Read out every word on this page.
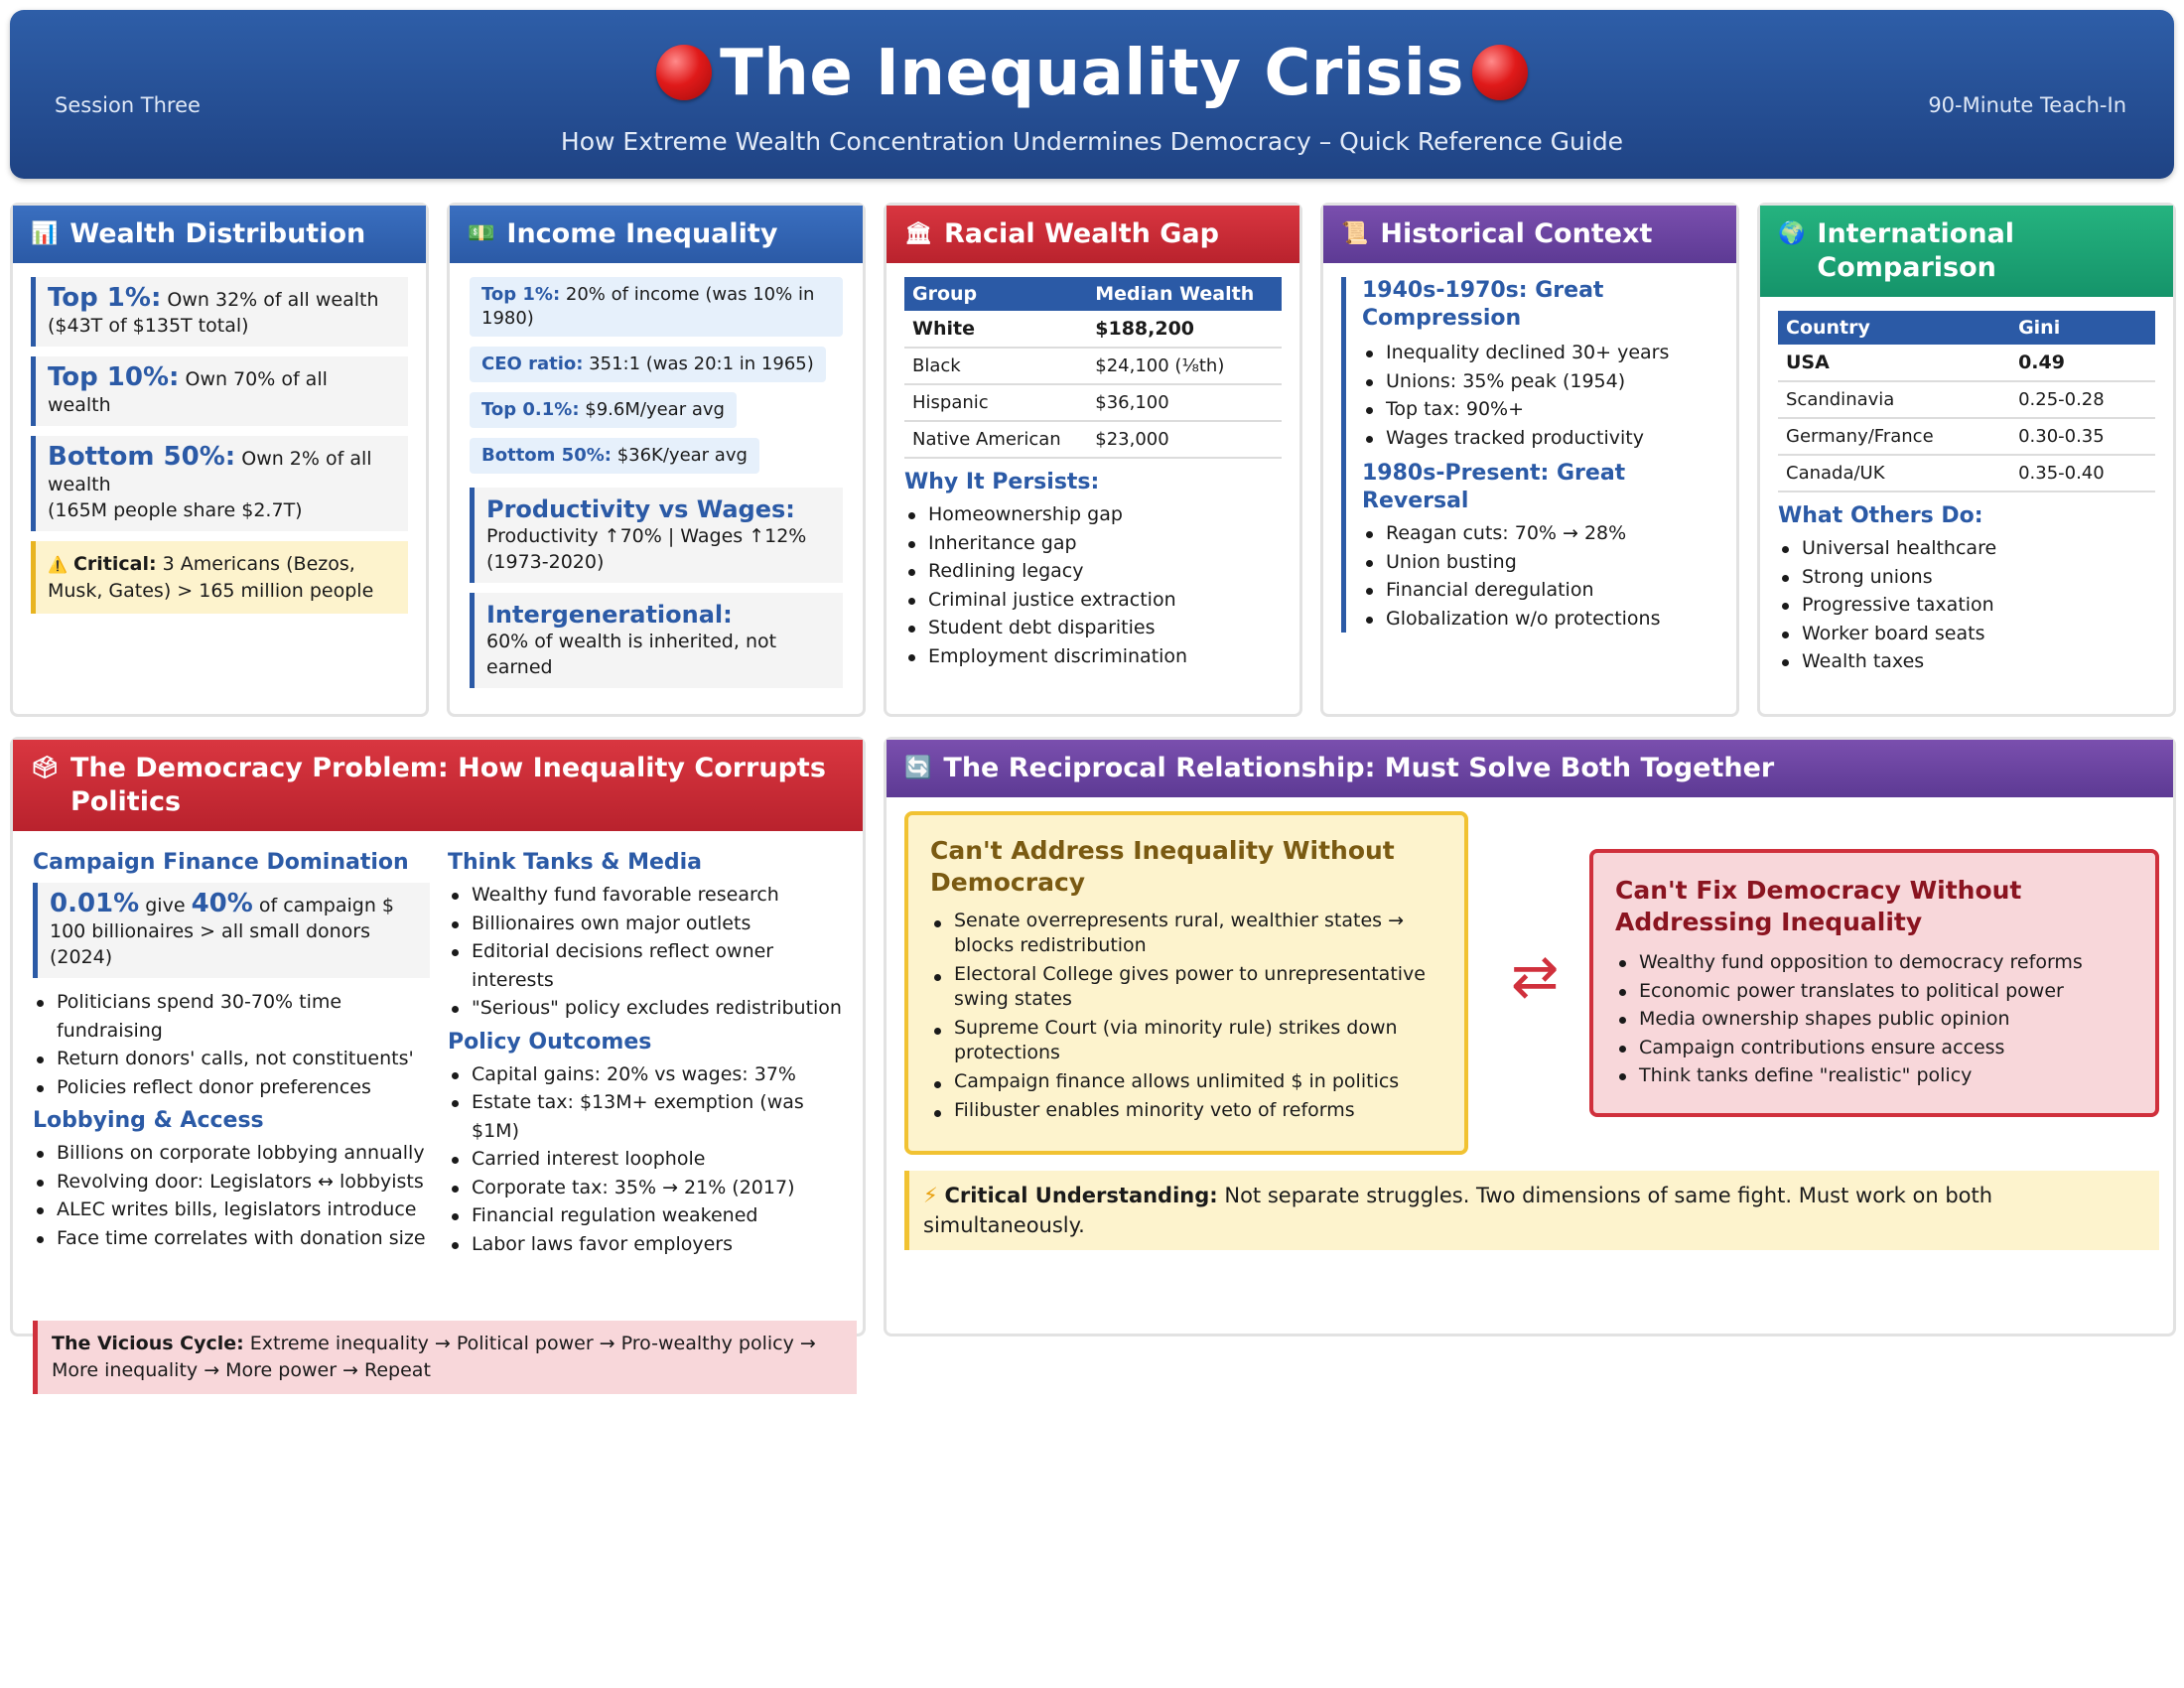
Session Three	The Inequality Crisis
How Extreme Wealth Concentration Undermines Democracy – Quick Reference Guide
90-Minute Teach-In
📊 Wealth Distribution
Top 1%: Own 32% of all wealth ($43T of $135T total)
Top 10%: Own 70% of all wealth
Bottom 50%: Own 2% of all wealth
(165M people share $2.7T)
⚠️ Critical: 3 Americans (Bezos, Musk, Gates) > 165 million people
💵 Income Inequality
Top 1%: 20% of income (was 10% in 1980)
CEO ratio: 351:1 (was 20:1 in 1965)
Top 0.1%: $9.6M/year avg
Bottom 50%: $36K/year avg
Productivity vs Wages:
Productivity ↑70% | Wages ↑12% (1973-2020)
Intergenerational:
60% of wealth is inherited, not earned
🏛 Racial Wealth Gap
Group	Median Wealth
White	$188,200
Black	$24,100 (⅛th)
Hispanic	$36,100
Native American	$23,000
Why It Persists:
Homeownership gap
Inheritance gap
Redlining legacy
Criminal justice extraction
Student debt disparities
Employment discrimination
📜 Historical Context
1940s-1970s: Great Compression
Inequality declined 30+ years
Unions: 35% peak (1954)
Top tax: 90%+
Wages tracked productivity
1980s-Present: Great Reversal
Reagan cuts: 70% → 28%
Union busting
Financial deregulation
Globalization w/o protections
🌍 International Comparison
Country	Gini
USA	0.49
Scandinavia	0.25-0.28
Germany/France	0.30-0.35
Canada/UK	0.35-0.40
What Others Do:
Universal healthcare
Strong unions
Progressive taxation
Worker board seats
Wealth taxes
🗳 The Democracy Problem: How Inequality Corrupts Politics
Campaign Finance Domination
0.01% give 40% of campaign $
100 billionaires > all small donors (2024)
Politicians spend 30-70% time fundraising
Return donors' calls, not constituents'
Policies reflect donor preferences
Lobbying & Access
Billions on corporate lobbying annually
Revolving door: Legislators ↔ lobbyists
ALEC writes bills, legislators introduce
Face time correlates with donation size
Think Tanks & Media
Wealthy fund favorable research
Billionaires own major outlets
Editorial decisions reflect owner interests
"Serious" policy excludes redistribution
Policy Outcomes
Capital gains: 20% vs wages: 37%
Estate tax: $13M+ exemption (was $1M)
Carried interest loophole
Corporate tax: 35% → 21% (2017)
Financial regulation weakened
Labor laws favor employers
The Vicious Cycle: Extreme inequality → Political power → Pro-wealthy policy → More inequality → More power → Repeat
🔄 The Reciprocal Relationship: Must Solve Both Together
Can't Address Inequality Without Democracy
Senate overrepresents rural, wealthier states → blocks redistribution
Electoral College gives power to unrepresentative swing states
Supreme Court (via minority rule) strikes down protections
Campaign finance allows unlimited $ in politics
Filibuster enables minority veto of reforms
⇄
Can't Fix Democracy Without Addressing Inequality
Wealthy fund opposition to democracy reforms
Economic power translates to political power
Media ownership shapes public opinion
Campaign contributions ensure access
Think tanks define "realistic" policy
⚡ Critical Understanding: Not separate struggles. Two dimensions of same fight. Must work on both simultaneously.
